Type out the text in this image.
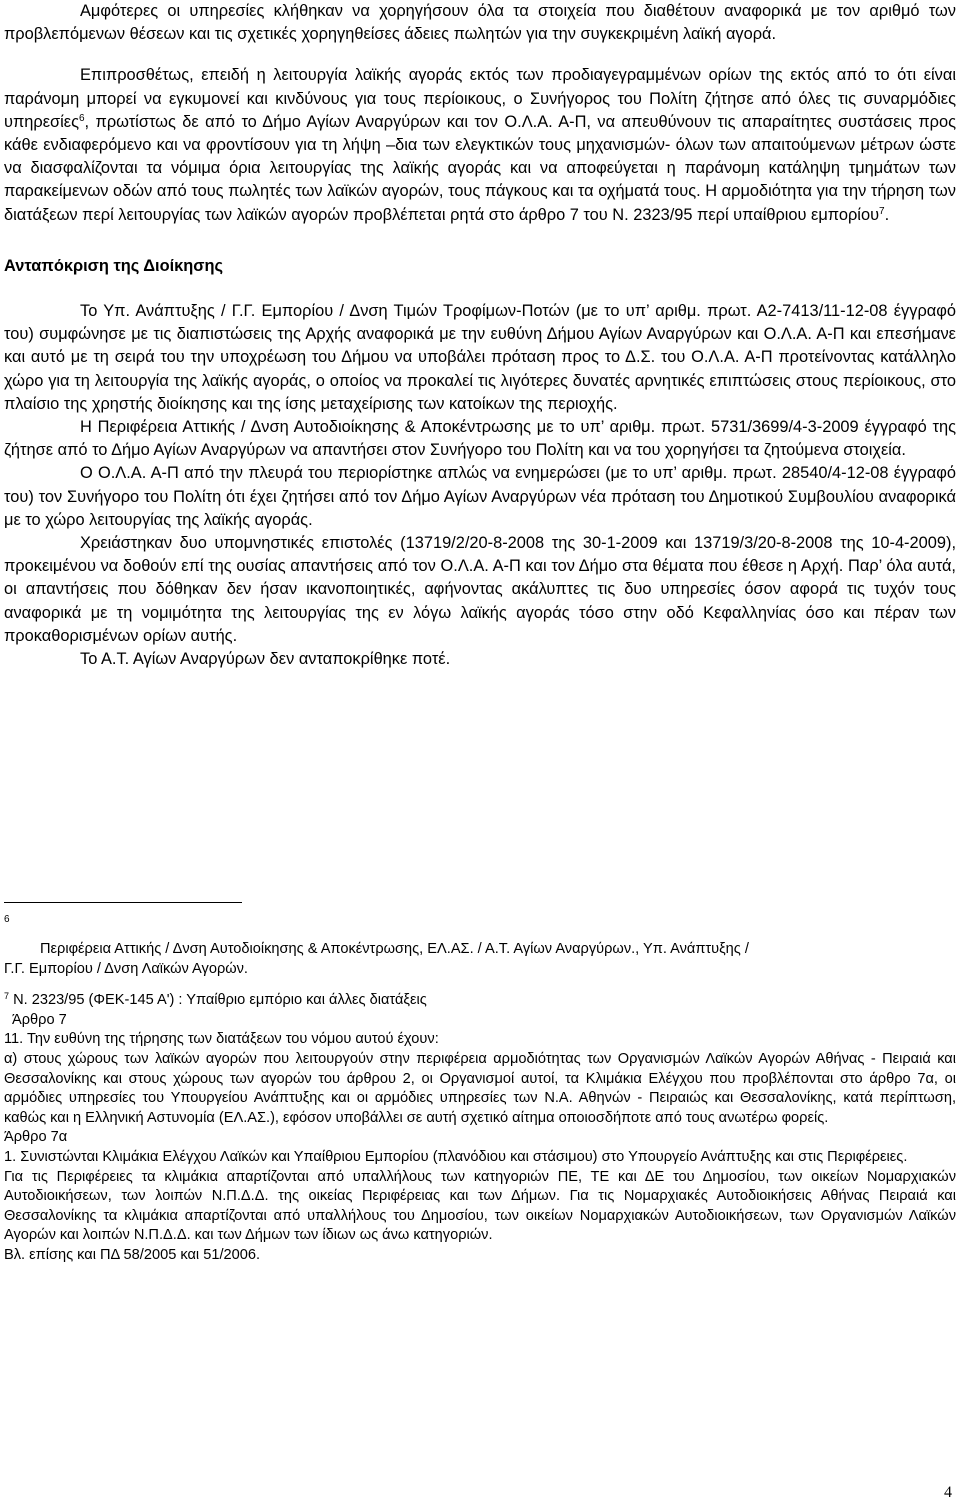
Αμφότερες οι υπηρεσίες κλήθηκαν να χορηγήσουν όλα τα στοιχεία που διαθέτουν αναφορικά με τον αριθμό των προβλεπόμενων θέσεων και τις σχετικές χορηγηθείσες άδειες πωλητών για την συγκεκριμένη λαϊκή αγορά.

Επιπροσθέτως, επειδή η λειτουργία λαϊκής αγοράς εκτός των προδιαγεγραμμένων ορίων της εκτός από το ότι είναι παράνομη μπορεί να εγκυμονεί και κινδύνους για τους περίοικους, ο Συνήγορος του Πολίτη ζήτησε από όλες τις συναρμόδιες υπηρεσίες$^6$, πρωτίστως δε από το Δήμο Αγίων Αναργύρων και τον Ο.Λ.Α. Α-Π, να απευθύνουν τις απαραίτητες συστάσεις προς κάθε ενδιαφερόμενο και να φροντίσουν για τη λήψη –δια των ελεγκτικών τους μηχανισμών- όλων των απαιτούμενων μέτρων ώστε να διασφαλίζονται τα νόμιμα όρια λειτουργίας της λαϊκής αγοράς και να αποφεύγεται η παράνομη κατάληψη τμημάτων των παρακείμενων οδών από τους πωλητές των λαϊκών αγορών, τους πάγκους και τα οχήματά τους. Η αρμοδιότητα για την τήρηση των διατάξεων περί λειτουργίας των λαϊκών αγορών προβλέπεται ρητά στο άρθρο 7 του Ν. 2323/95 περί υπαίθριου εμπορίου$^7$.

Ανταπόκριση της Διοίκησης

Το Υπ. Ανάπτυξης / Γ.Γ. Εμπορίου / Δνση Τιμών Τροφίμων-Ποτών (με το υπ’ αριθμ. πρωτ. Α2-7413/11-12-08 έγγραφό του) συμφώνησε με τις διαπιστώσεις της Αρχής αναφορικά με την ευθύνη Δήμου Αγίων Αναργύρων και Ο.Λ.Α. Α-Π και επεσήμανε και αυτό με τη σειρά του την υποχρέωση του Δήμου να υποβάλει πρόταση προς το Δ.Σ. του Ο.Λ.Α. Α-Π προτείνοντας κατάλληλο χώρο για τη λειτουργία της λαϊκής αγοράς, ο οποίος να προκαλεί τις λιγότερες δυνατές αρνητικές επιπτώσεις στους περίοικους, στο πλαίσιο της χρηστής διοίκησης και της ίσης μεταχείρισης των κατοίκων της περιοχής.

Η Περιφέρεια Αττικής / Δνση Αυτοδιοίκησης & Αποκέντρωσης με το υπ’ αριθμ. πρωτ. 5731/3699/4-3-2009 έγγραφό της ζήτησε από το Δήμο Αγίων Αναργύρων να απαντήσει στον Συνήγορο του Πολίτη και να του χορηγήσει τα ζητούμενα στοιχεία.

Ο Ο.Λ.Α. Α-Π από την πλευρά του περιορίστηκε απλώς να ενημερώσει (με το υπ’ αριθμ. πρωτ. 28540/4-12-08 έγγραφό του) τον Συνήγορο του Πολίτη ότι έχει ζητήσει από τον Δήμο Αγίων Αναργύρων νέα πρόταση του Δημοτικού Συμβουλίου αναφορικά με το χώρο λειτουργίας της λαϊκής αγοράς.

Χρειάστηκαν δυο υπομνηστικές επιστολές (13719/2/20-8-2008 της 30-1-2009 και 13719/3/20-8-2008 της 10-4-2009), προκειμένου να δοθούν επί της ουσίας απαντήσεις από τον Ο.Λ.Α. Α-Π και τον Δήμο στα θέματα που έθεσε η Αρχή. Παρ’ όλα αυτά, οι απαντήσεις που δόθηκαν δεν ήσαν ικανοποιητικές, αφήνοντας ακάλυπτες τις δυο υπηρεσίες όσον αφορά τις τυχόν τους αναφορικά με τη νομιμότητα της λειτουργίας της εν λόγω λαϊκής αγοράς τόσο στην οδό Κεφαλληνίας όσο και πέραν των προκαθορισμένων ορίων αυτής.

Το Α.Τ. Αγίων Αναργύρων δεν ανταποκρίθηκε ποτέ.

6

Περιφέρεια Αττικής / Δνση Αυτοδιοίκησης & Αποκέντρωσης, ΕΛ.ΑΣ. / Α.Τ. Αγίων Αναργύρων., Υπ. Ανάπτυξης /
Γ.Γ. Εμπορίου / Δνση Λαϊκών Αγορών.

$^7$ Ν. 2323/95 (ΦΕΚ-145 Α') : Υπαίθριο εμπόριο και άλλες διατάξεις

Άρθρο 7

11. Την ευθύνη της τήρησης των διατάξεων του νόμου αυτού έχουν:

α) στους χώρους των λαϊκών αγορών που λειτουργούν στην περιφέρεια αρμοδιότητας των Οργανισμών Λαϊκών Αγορών Αθήνας - Πειραιά και Θεσσαλονίκης και στους χώρους των αγορών του άρθρου 2, οι Οργανισμοί αυτοί, τα Κλιμάκια Ελέγχου που προβλέπονται στο άρθρο 7α, οι αρμόδιες υπηρεσίες του Υπουργείου Ανάπτυξης και οι αρμόδιες υπηρεσίες των Ν.Α. Αθηνών - Πειραιώς και Θεσσαλονίκης, κατά περίπτωση, καθώς και η Ελληνική Αστυνομία (ΕΛ.ΑΣ.), εφόσον υποβάλλει σε αυτή σχετικό αίτημα οποιοσδήποτε από τους ανωτέρω φορείς.

Άρθρο 7α

1. Συνιστώνται Κλιμάκια Ελέγχου Λαϊκών και Υπαίθριου Εμπορίου (πλανόδιου και στάσιμου) στο Υπουργείο Ανάπτυξης και στις Περιφέρειες.

Για τις Περιφέρειες τα κλιμάκια απαρτίζονται από υπαλλήλους των κατηγοριών ΠΕ, ΤΕ και ΔΕ του Δημοσίου, των οικείων Νομαρχιακών Αυτοδιοικήσεων, των λοιπών Ν.Π.Δ.Δ. της οικείας Περιφέρειας και των Δήμων. Για τις Νομαρχιακές Αυτοδιοικήσεις Αθήνας Πειραιά και Θεσσαλονίκης τα κλιμάκια απαρτίζονται από υπαλλήλους του Δημοσίου, των οικείων Νομαρχιακών Αυτοδιοικήσεων, των Οργανισμών Λαϊκών Αγορών και λοιπών Ν.Π.Δ.Δ. και των Δήμων των ίδιων ως άνω κατηγοριών.

Βλ. επίσης και ΠΔ 58/2005 και 51/2006.

4
